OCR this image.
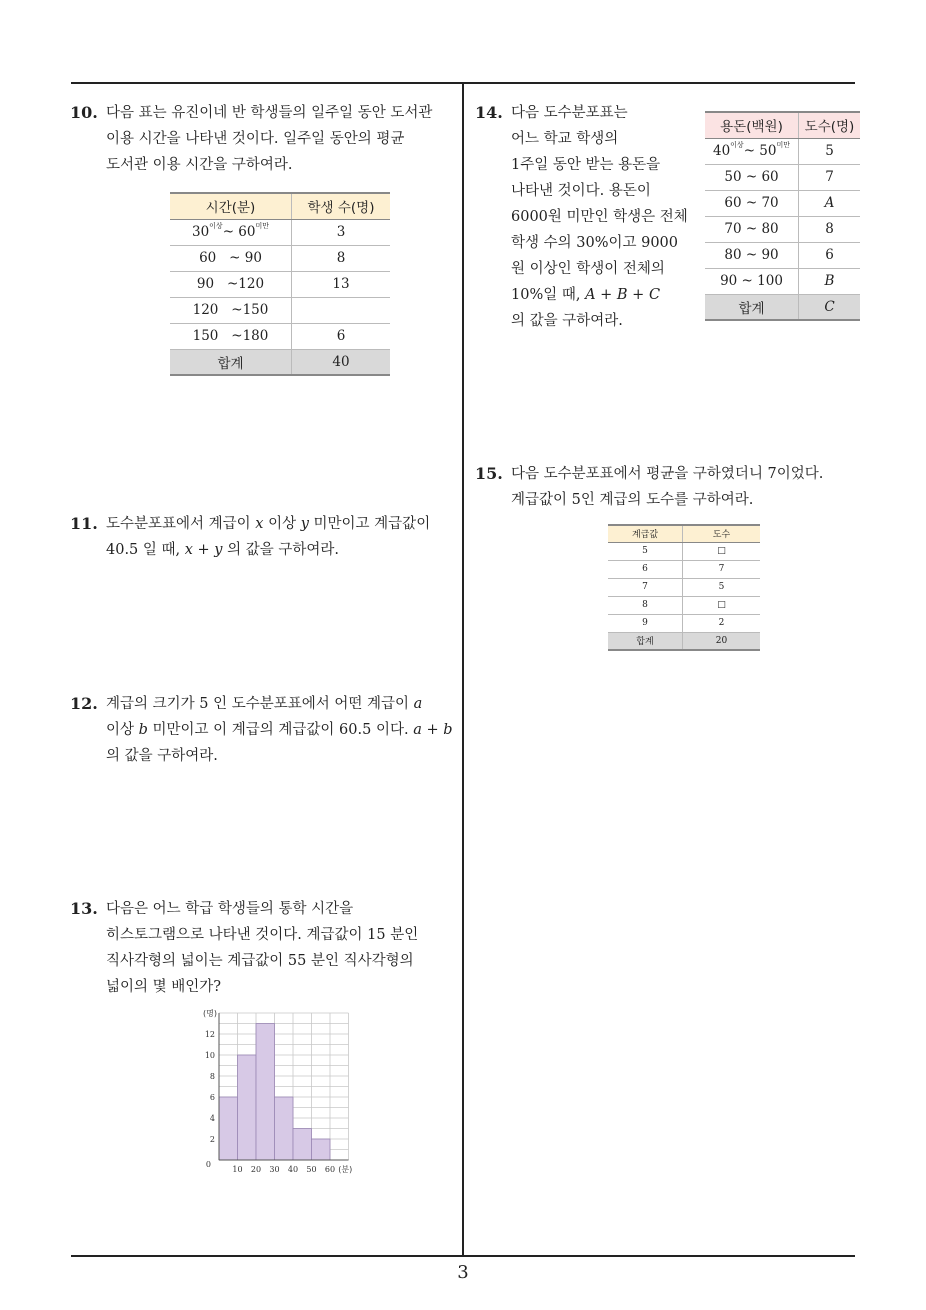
10. 다음 표는 유진이네 반 학생들의 일주일 동안 도서관

이용 시간을 나타낸 것이다. 일주일 동안의 평균

도서관 이용 시간을 구하여라.

시간(분)	학생 수(명)
$30^{이상}\sim$ $60^{미만}$	3
60 ~ 90	8
90 ~120	13
120 ~150	
150 ~180	6
합계	40
11. 도수분포표에서 계급이 x 이상 y 미만이고 계급값이

40.5 일 때, x + y 의 값을 구하여라.

12. 계급의 크기가 5 인 도수분포표에서 어떤 계급이 a

이상 b 미만이고 이 계급의 계급값이 60.5 이다. a + b

의 값을 구하여라.

13. 다음은 어느 학급 학생들의 통학 시간을

히스토그램으로 나타낸 것이다. 계급값이 15 분인

직사각형의 넓이는 계급값이 55 분인 직사각형의

넓이의 몇 배인가?

0
2
4
6
8
10
12
10 20 30 40 50 60 (분)
(명)
14. 다음 도수분포표는

어느 학교 학생의

1주일 동안 받는 용돈을

나타낸 것이다. 용돈이

6000원 미만인 학생은 전체

학생 수의 30%이고 9000

원 이상인 학생이 전체의

10%일 때, A + B + C

의 값을 구하여라.

용돈(백원)	도수(명)
$40^{이상}\sim$ $50^{미만}$	5
50 ~ 60	7
60 ~ 70	A
70 ~ 80	8
80 ~ 90	6
90 ~ 100	B
합계	C
15. 다음 도수분포표에서 평균을 구하였더니 7이었다.

계급값이 5인 계급의 도수를 구하여라.

계급값	도수
5	□
6	7
7	5
8	□
9	2
합계	20
3
